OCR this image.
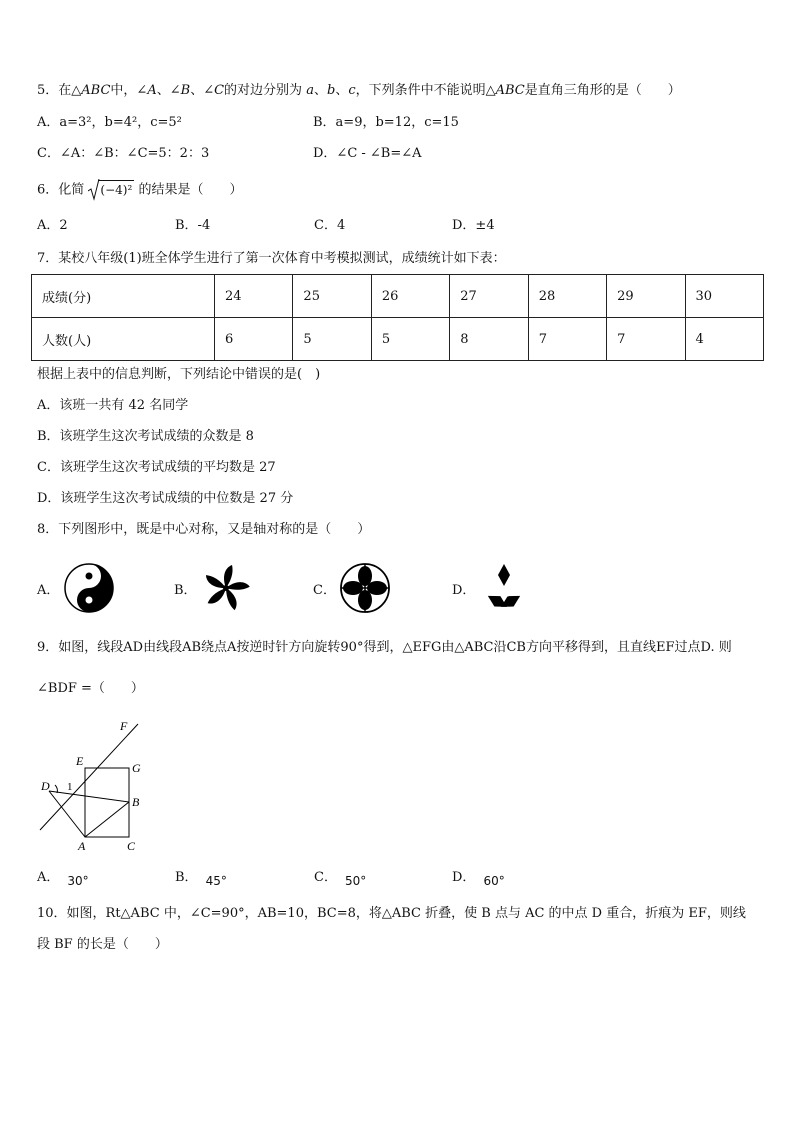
5．在△ABC中，∠A、∠B、∠C的对边分别为 a、b、c，下列条件中不能说明△ABC是直角三角形的是（　　）
A．a=3²，b=4²，c=5²	B．a=9，b=12，c=15
C．∠A：∠B：∠C=5：2：3	D．∠C - ∠B=∠A
6．化简 (−4)² 的结果是（　　）
A．2	B．-4	C．4	D．±4
7．某校八年级(1)班全体学生进行了第一次体育中考模拟测试，成绩统计如下表：
成绩(分)	24	25	26	27	28	29	30
人数(人)	6	5	5	8	7	7	4
根据上表中的信息判断，下列结论中错误的是(　)
A．该班一共有 42 名同学
B．该班学生这次考试成绩的众数是 8
C．该班学生这次考试成绩的平均数是 27
D．该班学生这次考试成绩的中位数是 27 分
8．下列图形中，既是中心对称，又是轴对称的是（　　）
A．	B．	C．	D．
9．如图，线段AD由线段AB绕点A按逆时针方向旋转90°得到，△EFG由△ABC沿CB方向平移得到，且直线EF过点D. 则
∠BDF =（　　）
F
E	G
D
B
A	C
1
A． 30°	B． 45°	C． 50°	D． 60°
10．如图，Rt△ABC 中，∠C=90°，AB=10，BC=8，将△ABC 折叠，使 B 点与 AC 的中点 D 重合，折痕为 EF，则线
段 BF 的长是（　　）
